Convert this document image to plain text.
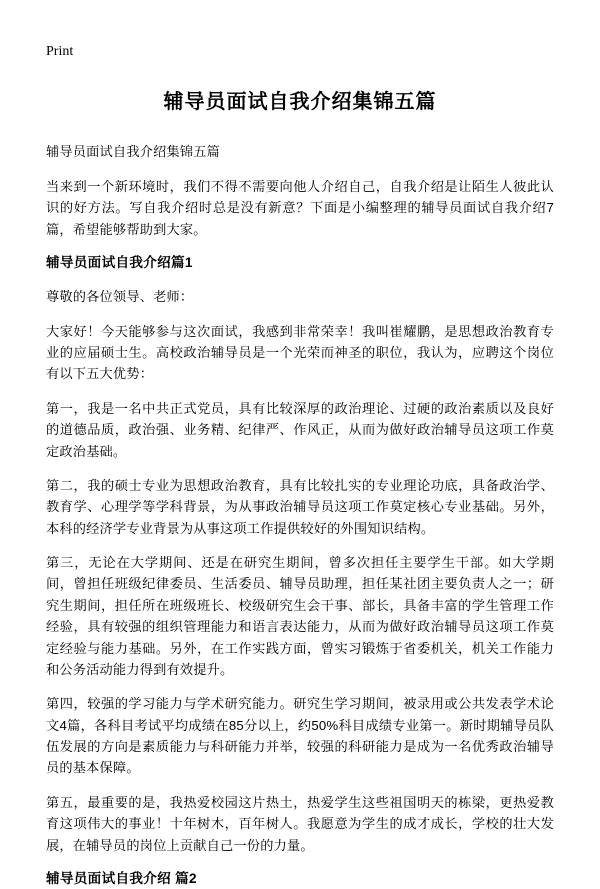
Print
辅导员面试自我介绍集锦五篇

辅导员面试自我介绍集锦五篇

当来到一个新环境时，我们不得不需要向他人介绍自己，自我介绍是让陌生人彼此认识的好方法。写自我介绍时总是没有新意？下面是小编整理的辅导员面试自我介绍7篇，希望能够帮助到大家。

辅导员面试自我介绍篇1

尊敬的各位领导、老师：

大家好！今天能够参与这次面试，我感到非常荣幸！我叫崔耀鹏，是思想政治教育专业的应届硕士生。高校政治辅导员是一个光荣而神圣的职位，我认为，应聘这个岗位有以下五大优势：

第一，我是一名中共正式党员，具有比较深厚的政治理论、过硬的政治素质以及良好的道德品质，政治强、业务精、纪律严、作风正，从而为做好政治辅导员这项工作莫定政治基础。

第二，我的硕士专业为思想政治教育，具有比较扎实的专业理论功底，具备政治学、教育学、心理学等学科背景，为从事政治辅导员这项工作莫定核心专业基础。另外，本科的经济学专业背景为从事这项工作提供较好的外围知识结构。

第三，无论在大学期间、还是在研究生期间，曾多次担任主要学生干部。如大学期间，曾担任班级纪律委员、生活委员、辅导员助理，担任某社团主要负责人之一；研究生期间，担任所在班级班长、校级研究生会干事、部长，具备丰富的学生管理工作经验，具有较强的组织管理能力和语言表达能力，从而为做好政治辅导员这项工作莫定经验与能力基础。另外，在工作实践方面，曾实习锻炼于省委机关，机关工作能力和公务活动能力得到有效提升。

第四，较强的学习能力与学术研究能力。研究生学习期间，被录用或公共发表学术论文4篇，各科目考试平均成绩在85分以上，约50%科目成绩专业第一。新时期辅导员队伍发展的方向是素质能力与科研能力并举，较强的科研能力是成为一名优秀政治辅导员的基本保障。

第五，最重要的是，我热爱校园这片热土，热爱学生这些祖国明天的栋梁，更热爱教育这项伟大的事业！十年树木，百年树人。我愿意为学生的成才成长，学校的壮大发展，在辅导员的岗位上贡献自己一份的力量。

辅导员面试自我介绍 篇2
